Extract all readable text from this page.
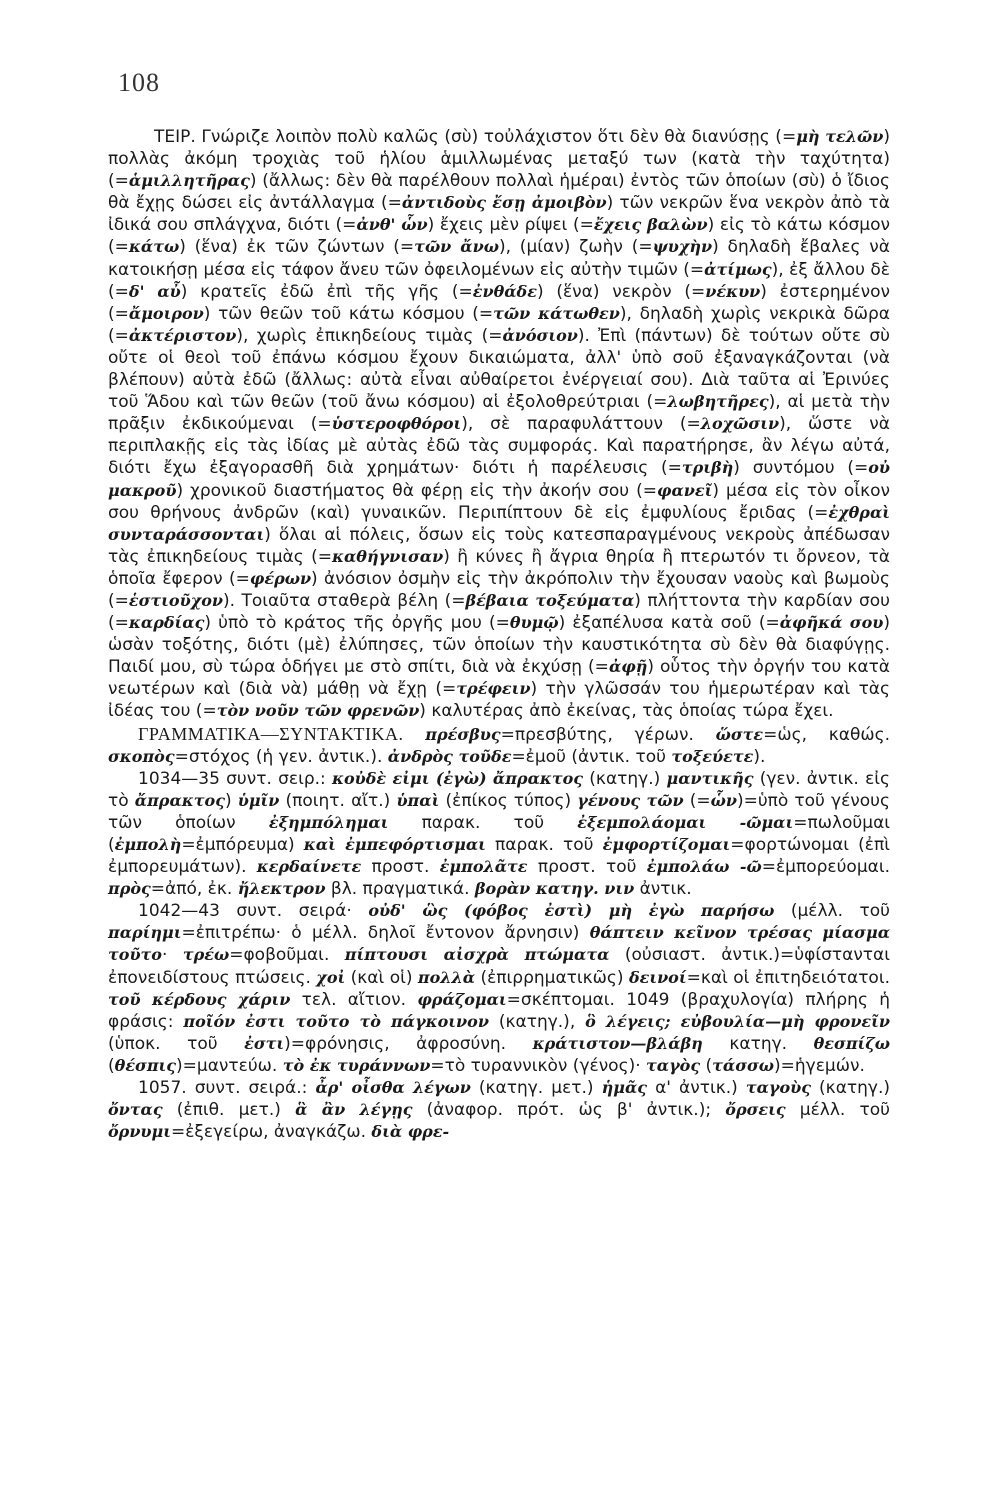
108

ΤΕΙΡ. Γνώριζε λοιπὸν πολὺ καλῶς (σὺ) τοὐλάχιστον ὅτι δὲν θὰ διανύσῃς (=μὴ τελῶν) πολλὰς ἀκόμη τροχιὰς τοῦ ἡλίου ἁμιλλωμένας μεταξύ των (κατὰ τὴν ταχύτητα) (=ἁμιλλητῆρας) (ἄλλως: δὲν θὰ παρέλθουν πολλαὶ ἡμέραι) ἐντὸς τῶν ὁποίων (σὺ) ὁ ἴδιος θὰ ἔχῃς δώσει εἰς ἀντάλλαγμα (=ἀντιδοὺς ἔσῃ ἀμοιβὸν) τῶν νεκρῶν ἕνα νεκρὸν ἀπὸ τὰ ἰδικά σου σπλάγχνα, διότι (=ἀνθ' ὧν) ἔχεις μὲν ρίψει (=ἔχεις βαλὼν) εἰς τὸ κάτω κόσμον (=κάτω) (ἕνα) ἐκ τῶν ζώντων (=τῶν ἄνω), (μίαν) ζωὴν (=ψυχὴν) δηλαδὴ ἔβαλες νὰ κατοικήσῃ μέσα εἰς τάφον ἄνευ τῶν ὀφειλομένων εἰς αὐτὴν τιμῶν (=ἀτίμως), ἐξ ἄλλου δὲ (=δ' αὖ) κρατεῖς ἐδῶ ἐπὶ τῆς γῆς (=ἐνθάδε) (ἕνα) νεκρὸν (=νέκυν) ἐστερημένον (=ἄμοιρον) τῶν θεῶν τοῦ κάτω κόσμου (=τῶν κάτωθεν), δηλαδὴ χωρὶς νεκρικὰ δῶρα (=ἀκτέριστον), χωρὶς ἐπικηδείους τιμὰς (=ἀνόσιον). Ἐπὶ (πάντων) δὲ τούτων οὔτε σὺ οὔτε οἱ θεοὶ τοῦ ἐπάνω κόσμου ἔχουν δικαιώματα, ἀλλ' ὑπὸ σοῦ ἐξαναγκάζονται (νὰ βλέπουν) αὐτὰ ἐδῶ (ἄλλως: αὐτὰ εἶναι αὐθαίρετοι ἐνέργειαί σου). Διὰ ταῦτα αἱ Ἐρινύες τοῦ Ἅδου καὶ τῶν θεῶν (τοῦ ἄνω κόσμου) αἱ ἐξολοθρεύτριαι (=λωβητῆρες), αἱ μετὰ τὴν πρᾶξιν ἐκδικούμεναι (=ὑστεροφθόροι), σὲ παραφυλάττουν (=λοχῶσιν), ὥστε νὰ περιπλακῇς εἰς τὰς ἰδίας μὲ αὐτὰς ἐδῶ τὰς συμφοράς. Καὶ παρατήρησε, ἂν λέγω αὐτά, διότι ἔχω ἐξαγορασθῆ διὰ χρημάτων· διότι ἡ παρέλευσις (=τριβὴ) συντόμου (=οὐ μακροῦ) χρονικοῦ διαστήματος θὰ φέρῃ εἰς τὴν ἀκοήν σου (=φανεῖ) μέσα εἰς τὸν οἶκον σου θρήνους ἀνδρῶν (καὶ) γυναικῶν. Περιπίπτουν δὲ εἰς ἐμφυλίους ἔριδας (=ἐχθραὶ συνταράσσονται) ὅλαι αἱ πόλεις, ὅσων εἰς τοὺς κατεσπαραγμένους νεκροὺς ἀπέδωσαν τὰς ἐπικηδείους τιμὰς (=καθήγνισαν) ἢ κύνες ἢ ἄγρια θηρία ἢ πτερωτόν τι ὄρνεον, τὰ ὁποῖα ἔφερον (=φέρων) ἀνόσιον ὀσμὴν εἰς τὴν ἀκρόπολιν τὴν ἔχουσαν ναοὺς καὶ βωμοὺς (=ἑστιοῦχον). Τοιαῦτα σταθερὰ βέλη (=βέβαια τοξεύματα) πλήττοντα τὴν καρδίαν σου (=καρδίας) ὑπὸ τὸ κράτος τῆς ὀργῆς μου (=θυμῷ) ἐξαπέλυσα κατὰ σοῦ (=ἀφῆκά σου) ὡσὰν τοξότης, διότι (μὲ) ἐλύπησες, τῶν ὁποίων τὴν καυστικότητα σὺ δὲν θὰ διαφύγῃς. Παιδί μου, σὺ τώρα ὁδήγει με στὸ σπίτι, διὰ νὰ ἐκχύσῃ (=ἀφῇ) οὗτος τὴν ὀργήν του κατὰ νεωτέρων καὶ (διὰ νὰ) μάθῃ νὰ ἔχῃ (=τρέφειν) τὴν γλῶσσάν του ἡμερωτέραν καὶ τὰς ἰδέας του (=τὸν νοῦν τῶν φρενῶν) καλυτέρας ἀπὸ ἐκείνας, τὰς ὁποίας τώρα ἔχει.

ΓΡΑΜΜΑΤΙΚΑ—ΣΥΝΤΑΚΤΙΚΑ. πρέσβυς=πρεσβύτης, γέρων. ὥστε=ὡς, καθώς. σκοπὸς=στόχος (ἡ γεν. ἀντικ.). ἀνδρὸς τοῦδε=ἐμοῦ (ἀντικ. τοῦ τοξεύετε).

1034—35 συντ. σειρ.: κοὐδὲ εἰμι (ἐγὼ) ἄπρακτος (κατηγ.) μαντικῆς (γεν. ἀντικ. εἰς τὸ ἄπρακτος) ὑμῖν (ποιητ. αἴτ.) ὑπαὶ (ἐπίκος τύπος) γένους τῶν (=ὧν)=ὑπὸ τοῦ γένους τῶν ὁποίων ἐξημπόλημαι παρακ. τοῦ ἐξεμπολάομαι -ῶμαι=πωλοῦμαι (ἐμπολὴ=ἐμπόρευμα) καὶ ἐμπεφόρτισμαι παρακ. τοῦ ἐμφορτίζομαι=φορτώνομαι (ἐπὶ ἐμπορευμάτων). κερδαίνετε προστ. ἐμπολᾶτε προστ. τοῦ ἐμπολάω -ῶ=ἐμπορεύομαι. πρὸς=ἀπό, ἐκ. ἤλεκτρον βλ. πραγματικά. βορὰν κατηγ. νιν ἀντικ.

1042—43 συντ. σειρά· οὐδ' ὣς (φόβος ἐστὶ) μὴ ἐγὼ παρήσω (μέλλ. τοῦ παρίημι=ἐπιτρέπω· ὁ μέλλ. δηλοῖ ἔντονον ἄρνησιν) θάπτειν κεῖνον τρέσας μίασμα τοῦτο· τρέω=φοβοῦμαι. πίπτουσι αἰσχρὰ πτώματα (οὐσιαστ. ἀντικ.)=ὑφίστανται ἐπονειδίστους πτώσεις. χοἰ (καὶ οἱ) πολλὰ (ἐπιρρηματικῶς) δεινοί=καὶ οἱ ἐπιτηδειότατοι. τοῦ κέρδους χάριν τελ. αἴτιον. φράζομαι=σκέπτομαι. 1049 (βραχυλογία) πλήρης ἡ φράσις: ποῖόν ἐστι τοῦτο τὸ πάγκοινον (κατηγ.), ὃ λέγεις; εὐβουλία—μὴ φρονεῖν (ὑποκ. τοῦ ἐστι)=φρόνησις, ἀφροσύνη. κράτιστον—βλάβη κατηγ. θεσπίζω (θέσπις)=μαντεύω. τὸ ἐκ τυράννων=τὸ τυραννικὸν (γένος)· ταγὸς (τάσσω)=ἡγεμών.

1057. συντ. σειρά.: ἆρ' οἶσθα λέγων (κατηγ. μετ.) ἡμᾶς α' ἀντικ.) ταγοὺς (κατηγ.) ὄντας (ἐπιθ. μετ.) ἃ ἂν λέγῃς (ἀναφορ. πρότ. ὡς β' ἀντικ.); ὄρσεις μέλλ. τοῦ ὄρνυμι=ἐξεγείρω, ἀναγκάζω. διὰ φρε-
